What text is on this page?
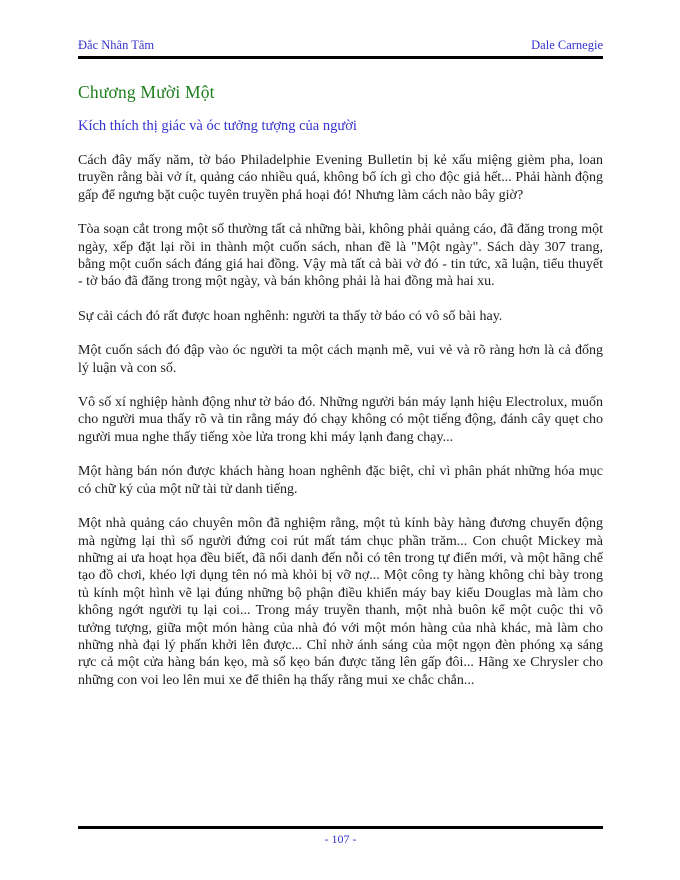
Đắc Nhân Tâm	Dale Carnegie
Chương Mười Một
Kích thích thị giác và óc tưởng tượng của người

Cách đây mấy năm, tờ báo Philadelphie Evening Bulletin bị kẻ xấu miệng gièm pha, loan truyền rằng bài vở ít, quảng cáo nhiều quá, không bổ ích gì cho độc giả hết... Phải hành động gấp để ngưng bặt cuộc tuyên truyền phá hoại đó! Nhưng làm cách nào bây giờ?

Tòa soạn cắt trong một số thường tất cả những bài, không phải quảng cáo, đã đăng trong một ngày, xếp đặt lại rồi in thành một cuốn sách, nhan đề là "Một ngày". Sách dày 307 trang, bằng một cuốn sách đáng giá hai đồng. Vậy mà tất cả bài vở đó - tin tức, xã luận, tiểu thuyết - tờ báo đã đăng trong một ngày, và bán không phải là hai đồng mà hai xu.

Sự cải cách đó rất được hoan nghênh: người ta thấy tờ báo có vô số bài hay.

Một cuốn sách đó đập vào óc người ta một cách mạnh mẽ, vui vẻ và rõ ràng hơn là cả đống lý luận và con số.

Vô số xí nghiệp hành động như tờ báo đó. Những người bán máy lạnh hiệu Electrolux, muốn cho người mua thấy rõ và tin rằng máy đó chạy không có một tiếng động, đánh cây quẹt cho người mua nghe thấy tiếng xòe lửa trong khi máy lạnh đang chạy...

Một hàng bán nón được khách hàng hoan nghênh đặc biệt, chỉ vì phân phát những hóa mục có chữ ký của một nữ tài tử danh tiếng.

Một nhà quảng cáo chuyên môn đã nghiệm rằng, một tủ kính bày hàng đương chuyển động mà ngừng lại thì số người đứng coi rút mất tám chục phần trăm... Con chuột Mickey mà những ai ưa hoạt họa đều biết, đã nổi danh đến nỗi có tên trong tự điển mới, và một hãng chế tạo đồ chơi, khéo lợi dụng tên nó mà khỏi bị vỡ nợ... Một công ty hàng không chỉ bày trong tủ kính một hình vẽ lại đúng những bộ phận điều khiển máy bay kiểu Douglas mà làm cho không ngớt người tụ lại coi... Trong máy truyền thanh, một nhà buôn kể một cuộc thi võ tưởng tượng, giữa một món hàng của nhà đó với một món hàng của nhà khác, mà làm cho những nhà đại lý phấn khởi lên được... Chỉ nhờ ánh sáng của một ngọn đèn phóng xạ sáng rực cả một cửa hàng bán kẹo, mà số kẹo bán được tăng lên gấp đôi... Hãng xe Chrysler cho những con voi leo lên mui xe để thiên hạ thấy rằng mui xe chắc chắn...

- 107 -
